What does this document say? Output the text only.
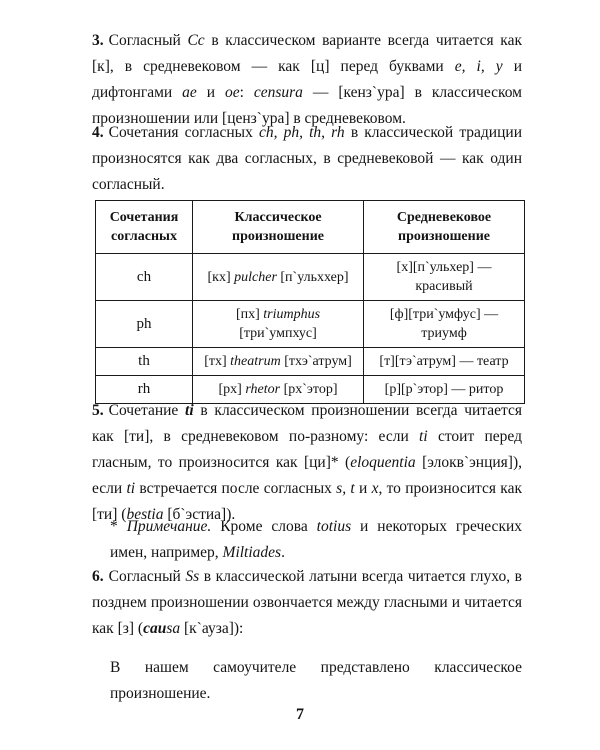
3. Согласный Cc в классическом варианте всегда читается как [к], в средневековом — как [ц] перед буквами e, i, y и дифтонгами ae и oe: censura — [кенз`ура] в классическом произношении или [ценз`ура] в средневековом.

4. Сочетания согласных ch, ph, th, rh в классической традиции произносятся как два согласных, в средневековой — как один согласный.

Сочетания согласных	Классическое произношение	Средневековое произношение
ch	[кх] pulcher [п`ульххер]	[х][п`ульхер] — красивый
ph	[пх] triumphus [три`умпхус]	[ф][три`умфус] — триумф
th	[тх] theatrum [тхэ`атрум]	[т][тэ`атрум] — театр
rh	[рх] rhetor [рх`этор]	[р][р`этор] — ритор

5. Сочетание ti в классическом произношении всегда читается как [ти], в средневековом по-разному: если ti стоит перед гласным, то произносится как [ци]* (eloquentia [элокв`энция]), если ti встречается после согласных s, t и x, то произносится как [ти] (bestia [б`эстиа]).

* Примечание. Кроме слова totius и некоторых греческих имен, например, Miltiades.

6. Согласный Ss в классической латыни всегда читается глухо, в позднем произношении озвончается между гласными и читается как [з] (causa [к`ауза]):

В нашем самоучителе представлено классическое произношение.

7
